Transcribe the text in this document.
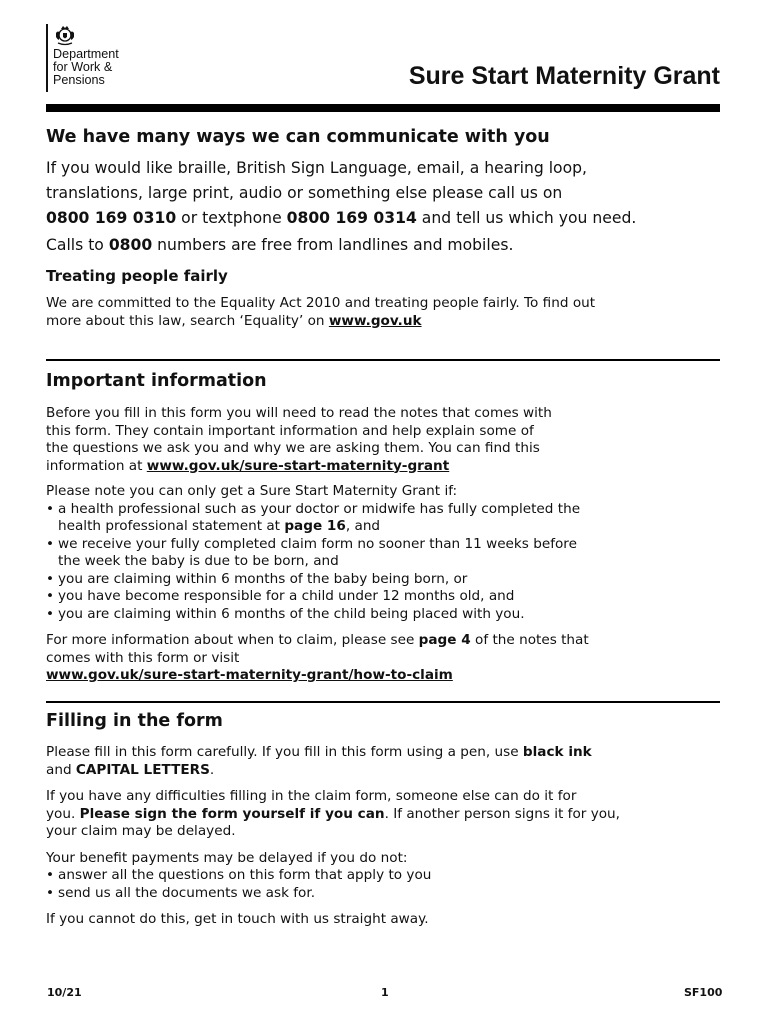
Department
for Work &
Pensions	Sure Start Maternity Grant
We have many ways we can communicate with you

If you would like braille, British Sign Language, email, a hearing loop,
translations, large print, audio or something else please call us on
0800 169 0310 or textphone 0800 169 0314 and tell us which you need.

Calls to 0800 numbers are free from landlines and mobiles.

Treating people fairly

We are committed to the Equality Act 2010 and treating people fairly. To find out
more about this law, search ‘Equality’ on www.gov.uk

Important information

Before you fill in this form you will need to read the notes that comes with
this form. They contain important information and help explain some of
the questions we ask you and why we are asking them. You can find this
information at www.gov.uk/sure-start-maternity-grant

Please note you can only get a Sure Start Maternity Grant if:

• a health professional such as your doctor or midwife has fully completed the
health professional statement at page 16, and
• we receive your fully completed claim form no sooner than 11 weeks before
the week the baby is due to be born, and
• you are claiming within 6 months of the baby being born, or
• you have become responsible for a child under 12 months old, and
• you are claiming within 6 months of the child being placed with you.

For more information about when to claim, please see page 4 of the notes that
comes with this form or visit
www.gov.uk/sure-start-maternity-grant/how-to-claim

Filling in the form

Please fill in this form carefully. If you fill in this form using a pen, use black ink
and CAPITAL LETTERS.

If you have any difficulties filling in the claim form, someone else can do it for
you. Please sign the form yourself if you can. If another person signs it for you,
your claim may be delayed.

Your benefit payments may be delayed if you do not:

• answer all the questions on this form that apply to you
• send us all the documents we ask for.

If you cannot do this, get in touch with us straight away.

10/21	1	SF100
